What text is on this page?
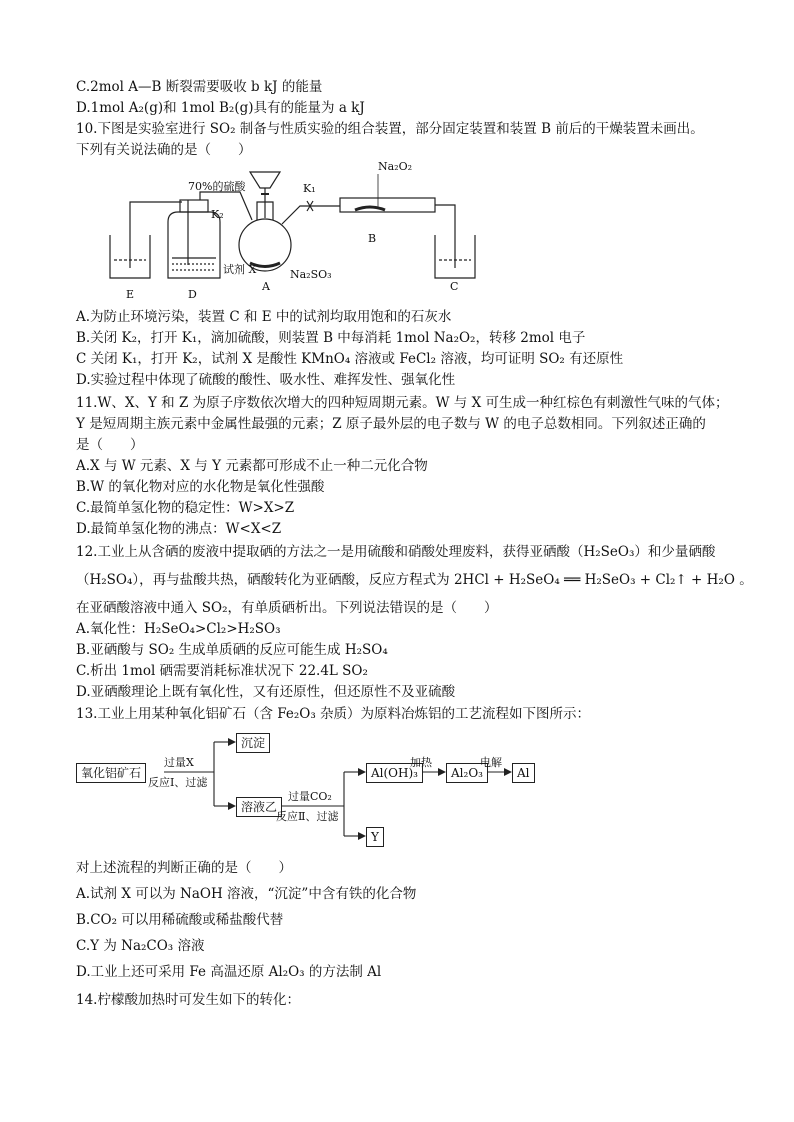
C.2mol A—B 断裂需要吸收 b kJ 的能量
D.1mol A₂(g)和 1mol B₂(g)具有的能量为 a kJ
10.下图是实验室进行 SO₂ 制备与性质实验的组合装置，部分固定装置和装置 B 前后的干燥装置未画出。
下列有关说法确的是（　　）
Na₂O₂
70%的硫酸	K₁
K₂
试剂 X	Na₂SO₃
A
B
C
D
E
A.为防止环境污染，装置 C 和 E 中的试剂均取用饱和的石灰水
B.关闭 K₂，打开 K₁，滴加硫酸，则装置 B 中每消耗 1mol Na₂O₂，转移 2mol 电子
C 关闭 K₁，打开 K₂，试剂 X 是酸性 KMnO₄ 溶液或 FeCl₂ 溶液，均可证明 SO₂ 有还原性
D.实验过程中体现了硫酸的酸性、吸水性、难挥发性、强氧化性
11.W、X、Y 和 Z 为原子序数依次增大的四种短周期元素。W 与 X 可生成一种红棕色有刺激性气味的气体；
Y 是短周期主族元素中金属性最强的元素；Z 原子最外层的电子数与 W 的电子总数相同。下列叙述正确的
是（　　）
A.X 与 W 元素、X 与 Y 元素都可形成不止一种二元化合物
B.W 的氧化物对应的水化物是氧化性强酸
C.最简单氢化物的稳定性：W>X>Z
D.最简单氢化物的沸点：W<X<Z
12.工业上从含硒的废液中提取硒的方法之一是用硫酸和硝酸处理废料，获得亚硒酸（H₂SeO₃）和少量硒酸
（H₂SO₄），再与盐酸共热，硒酸转化为亚硒酸，反应方程式为 2HCl + H₂SeO₄ ══ H₂SeO₃ + Cl₂↑ + H₂O 。
在亚硒酸溶液中通入 SO₂，有单质硒析出。下列说法错误的是（　　）
A.氧化性：H₂SeO₄>Cl₂>H₂SO₃
B.亚硒酸与 SO₂ 生成单质硒的反应可能生成 H₂SO₄
C.析出 1mol 硒需要消耗标准状况下 22.4L SO₂
D.亚硒酸理论上既有氧化性，又有还原性，但还原性不及亚硫酸
13.工业上用某种氧化铝矿石（含 Fe₂O₃ 杂质）为原料冶炼铝的工艺流程如下图所示：
氧化铝矿石
沉淀
溶液乙
Al(OH)₃	Al₂O₃	Al
Y
过量X
反应Ⅰ、过滤
过量CO₂
反应Ⅱ、过滤
加热	电解
对上述流程的判断正确的是（　　）
A.试剂 X 可以为 NaOH 溶液，“沉淀”中含有铁的化合物
B.CO₂ 可以用稀硫酸或稀盐酸代替
C.Y 为 Na₂CO₃ 溶液
D.工业上还可采用 Fe 高温还原 Al₂O₃ 的方法制 Al
14.柠檬酸加热时可发生如下的转化：
